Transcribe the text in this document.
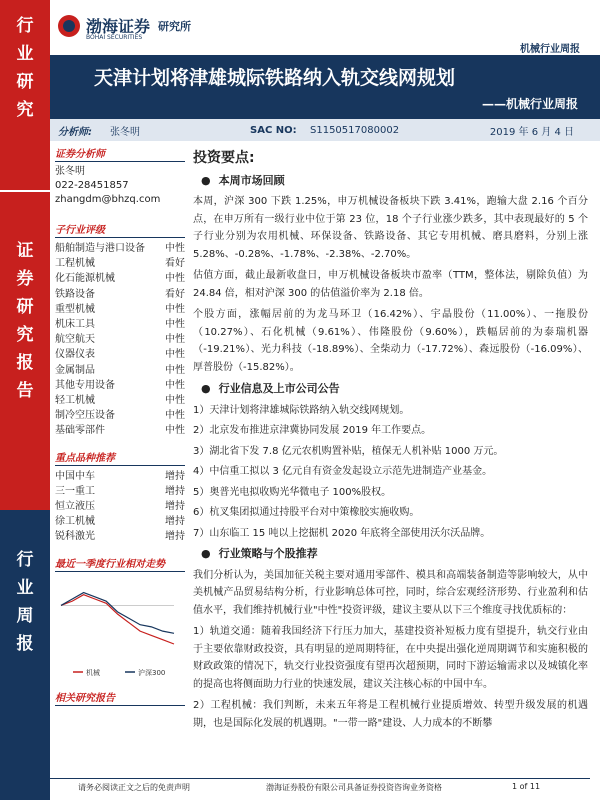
行
业
研
究
证
券
研
究
报
告
行
业
周
报
渤海证券
BOHAI SECURITIES
研究所
机械行业周报
天津计划将津雄城际铁路纳入轨交线网规划
——机械行业周报
分析师: 张冬明	SAC NO: S1150517080002	2019 年 6 月 4 日
证券分析师
张冬明
022-28451857
zhangdm@bhzq.com
子行业评级
船舶制造与港口设备 中性
工程机械	看好
化石能源机械	中性
铁路设备	看好
重型机械	中性
机床工具	中性
航空航天	中性
仪器仪表	中性
金属制品	中性
其他专用设备	中性
轻工机械	中性
制冷空压设备	中性
基础零部件	中性
重点品种推荐
中国中车	增持
三一重工	增持
恒立液压	增持
徐工机械	增持
锐科激光	增持
最近一季度行业相对走势
机械	沪深300
相关研究报告
投资要点:
● 本周市场回顾

本周，沪深 300 下跌 1.25%，申万机械设备板块下跌 3.41%，跑输大盘 2.16 个百分点，在申万所有一级行业中位于第 23 位，18 个子行业涨少跌多，其中表现最好的 5 个子行业分别为农用机械、环保设备、铁路设备、其它专用机械、磨具磨料，分别上涨 5.28%、-0.28%、-1.78%、-2.38%、-2.70%。

估值方面，截止最新收盘日，申万机械设备板块市盈率（TTM，整体法，剔除负值）为 24.84 倍，相对沪深 300 的估值溢价率为 2.18 倍。

个股方面，涨幅居前的为龙马环卫（16.42%）、宇晶股份（11.00%）、一拖股份（10.27%）、石化机械（9.61%）、伟隆股份（9.60%），跌幅居前的为泰瑞机器（-19.21%）、光力科技（-18.89%）、全柴动力（-17.72%）、森远股份（-16.09%）、厚普股份（-15.82%）。

● 行业信息及上市公司公告

1）天津计划将津雄城际铁路纳入轨交线网规划。

2）北京发布推进京津冀协同发展 2019 年工作要点。

3）湖北省下发 7.8 亿元农机购置补贴，植保无人机补贴 1000 万元。

4）中信重工拟以 3 亿元自有资金发起设立示范先进制造产业基金。

5）奥普光电拟收购光华微电子 100%股权。

6）杭叉集团拟通过持股平台对中策橡胶实施收购。

7）山东临工 15 吨以上挖掘机 2020 年底将全部使用沃尔沃品牌。

● 行业策略与个股推荐

我们分析认为，美国加征关税主要对通用零部件、模具和高端装备制造等影响较大，从中美机械产品贸易结构分析，行业影响总体可控，同时，综合宏观经济形势、行业盈利和估值水平，我们维持机械行业"中性"投资评级，建议主要从以下三个维度寻找优质标的：

1）轨道交通：随着我国经济下行压力加大，基建投资补短板力度有望提升，轨交行业由于主要依靠财政投资，具有明显的逆周期特征，在中央提出强化逆周期调节和实施积极的财政政策的情况下，轨交行业投资强度有望再次超预期，同时下游运输需求以及城镇化率的提高也将侧面助力行业的快速发展，建议关注核心标的中国中车。

2）工程机械：我们判断，未来五年将是工程机械行业提质增效、转型升级发展的机遇期，也是国际化发展的机遇期。"一带一路"建设、人力成本的不断攀

请务必阅读正文之后的免责声明	渤海证券股份有限公司具备证券投资咨询业务资格	1 of 11
